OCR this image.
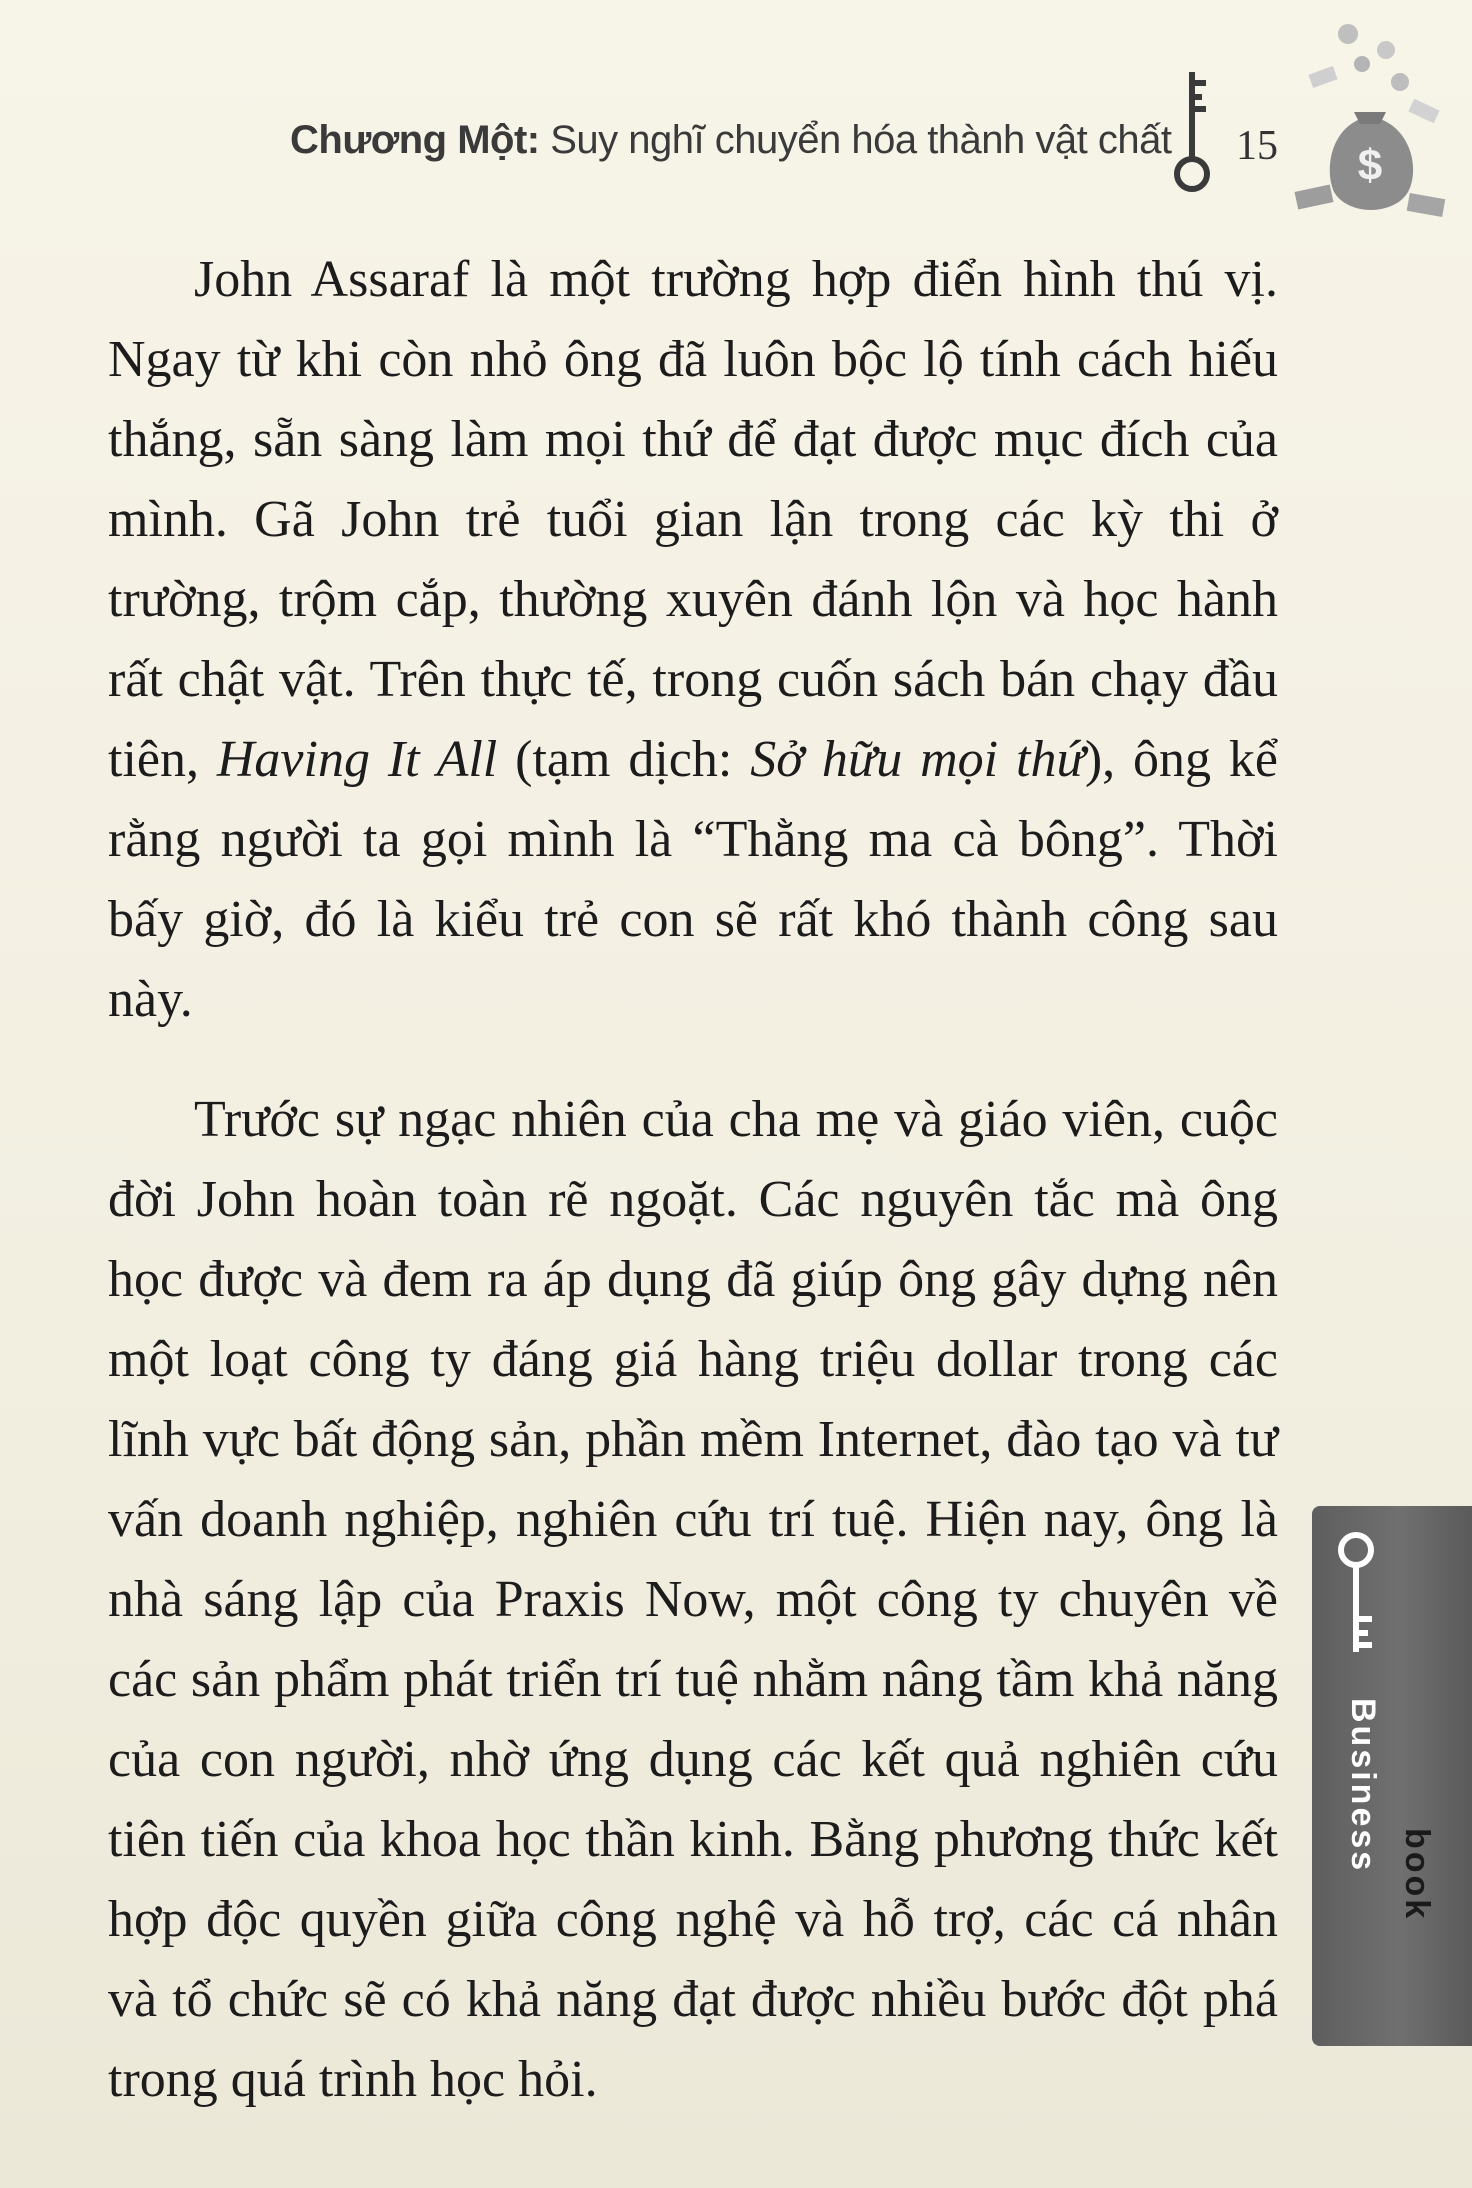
Chương Một: Suy nghĩ chuyển hóa thành vật chất 15 $

John Assaraf là một trường hợp điển hình thú vị. Ngay từ khi còn nhỏ ông đã luôn bộc lộ tính cách hiếu thắng, sẵn sàng làm mọi thứ để đạt được mục đích của mình. Gã John trẻ tuổi gian lận trong các kỳ thi ở trường, trộm cắp, thường xuyên đánh lộn và học hành rất chật vật. Trên thực tế, trong cuốn sách bán chạy đầu tiên, Having It All (tạm dịch: Sở hữu mọi thứ), ông kể rằng người ta gọi mình là “Thằng ma cà bông”. Thời bấy giờ, đó là kiểu trẻ con sẽ rất khó thành công sau này.

Trước sự ngạc nhiên của cha mẹ và giáo viên, cuộc đời John hoàn toàn rẽ ngoặt. Các nguyên tắc mà ông học được và đem ra áp dụng đã giúp ông gây dựng nên một loạt công ty đáng giá hàng triệu dollar trong các lĩnh vực bất động sản, phần mềm Internet, đào tạo và tư vấn doanh nghiệp, nghiên cứu trí tuệ. Hiện nay, ông là nhà sáng lập của Praxis Now, một công ty chuyên về các sản phẩm phát triển trí tuệ nhằm nâng tầm khả năng của con người, nhờ ứng dụng các kết quả nghiên cứu tiên tiến của khoa học thần kinh. Bằng phương thức kết hợp độc quyền giữa công nghệ và hỗ trợ, các cá nhân và tổ chức sẽ có khả năng đạt được nhiều bước đột phá trong quá trình học hỏi.

Business
book
